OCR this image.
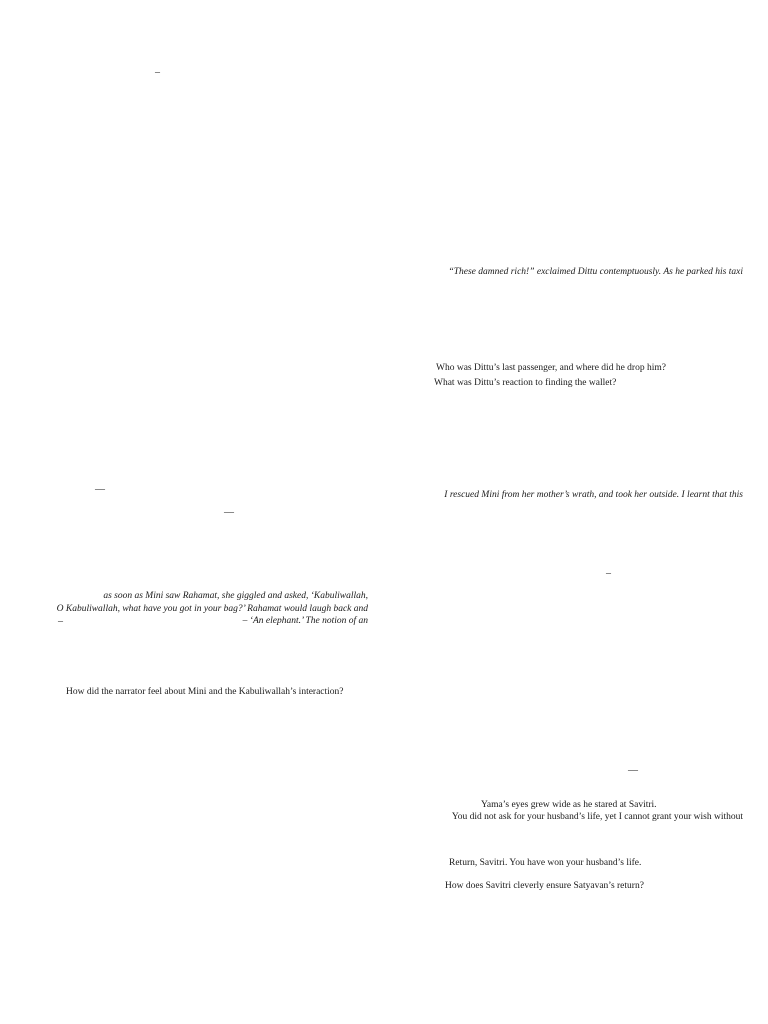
–
—
—
as soon as Mini saw Rahamat, she giggled and asked, ‘Kabuliwallah,
O Kabuliwallah, what have you got in your bag?’ Rahamat would laugh back and
–	– ‘An elephant.’ The notion of an
How did the narrator feel about Mini and the Kabuliwallah’s interaction?
“These damned rich!” exclaimed Dittu contemptuously. As he parked his taxi
Who was Dittu’s last passenger, and where did he drop him?
What was Dittu’s reaction to finding the wallet?
I rescued Mini from her mother’s wrath, and took her outside. I learnt that this
–
—
Yama’s eyes grew wide as he stared at Savitri.
You did not ask for your husband’s life, yet I cannot grant your wish without
Return, Savitri. You have won your husband’s life.
How does Savitri cleverly ensure Satyavan’s return?
